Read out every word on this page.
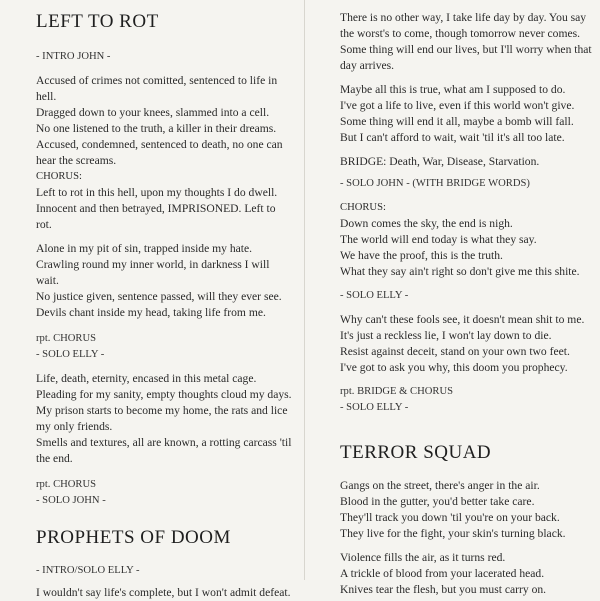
LEFT TO ROT
- INTRO JOHN -
Accused of crimes not comitted, sentenced to life in
hell.
Dragged down to your knees, slammed into a cell.
No one listened to the truth, a killer in their dreams.
Accused, condemned, sentenced to death, no one can
hear the screams.
CHORUS:
Left to rot in this hell, upon my thoughts I do dwell.
Innocent and then betrayed, IMPRISONED. Left to
rot.
Alone in my pit of sin, trapped inside my hate.
Crawling round my inner world, in darkness I will
wait.
No justice given, sentence passed, will they ever see.
Devils chant inside my head, taking life from me.
rpt. CHORUS
- SOLO ELLY -
Life, death, eternity, encased in this metal cage.
Pleading for my sanity, empty thoughts cloud my days.
My prison starts to become my home, the rats and lice
my only friends.
Smells and textures, all are known, a rotting carcass 'til
the end.
rpt. CHORUS
- SOLO JOHN -
PROPHETS OF DOOM
- INTRO/SOLO ELLY -
I wouldn't say life's complete, but I won't admit defeat.
There is no other way, I take life day by day. You say
the worst's to come, though tomorrow never comes.
Some thing will end our lives, but I'll worry when that
day arrives.
Maybe all this is true, what am I supposed to do.
I've got a life to live, even if this world won't give.
Some thing will end it all, maybe a bomb will fall.
But I can't afford to wait, wait 'til it's all too late.
BRIDGE: Death, War, Disease, Starvation.
- SOLO JOHN - (WITH BRIDGE WORDS)
CHORUS:
Down comes the sky, the end is nigh.
The world will end today is what they say.
We have the proof, this is the truth.
What they say ain't right so don't give me this shite.
- SOLO ELLY -
Why can't these fools see, it doesn't mean shit to me.
It's just a reckless lie, I won't lay down to die.
Resist against deceit, stand on your own two feet.
I've got to ask you why, this doom you prophecy.
rpt. BRIDGE & CHORUS
- SOLO ELLY -
TERROR SQUAD
Gangs on the street, there's anger in the air.
Blood in the gutter, you'd better take care.
They'll track you down 'til you're on your back.
They live for the fight, your skin's turning black.
Violence fills the air, as it turns red.
A trickle of blood from your lacerated head.
Knives tear the flesh, but you must carry on.
